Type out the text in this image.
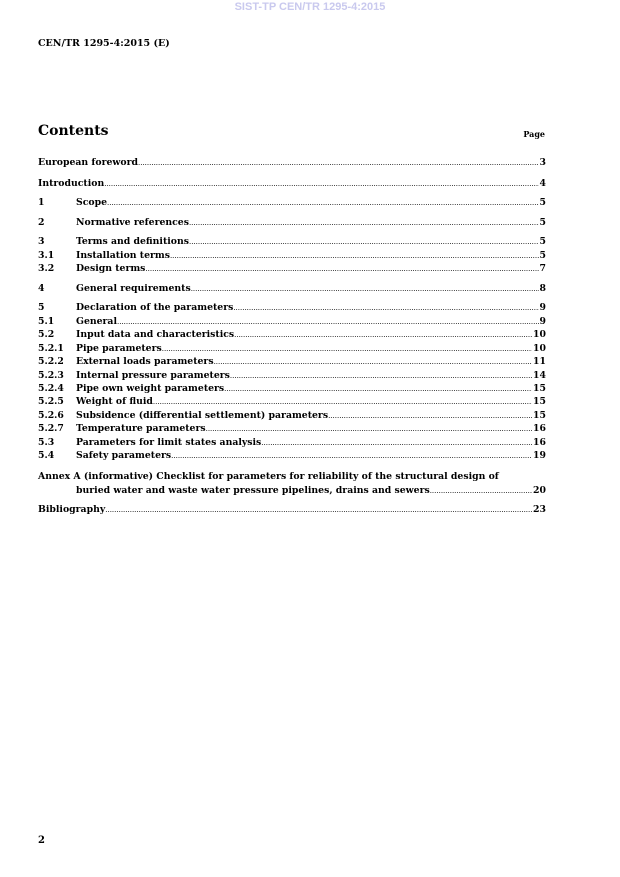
SIST-TP CEN/TR 1295-4:2015
CEN/TR 1295-4:2015 (E)
Contents	Page
European foreword .....	3
Introduction .....	4
1	Scope .....	5
2	Normative references .....	5
3	Terms and definitions .....	5
3.1	Installation terms .....	5
3.2	Design terms .....	7
4	General requirements .....	8
5	Declaration of the parameters .....	9
5.1	General .....	9
5.2	Input data and characteristics .....	10
5.2.1	Pipe parameters .....	10
5.2.2	External loads parameters .....	11
5.2.3	Internal pressure parameters .....	14
5.2.4	Pipe own weight parameters .....	15
5.2.5	Weight of fluid .....	15
5.2.6	Subsidence (differential settlement) parameters .....	15
5.2.7	Temperature parameters .....	16
5.3	Parameters for limit states analysis .....	16
5.4	Safety parameters .....	19
Annex A (informative) Checklist for parameters for reliability of the structural design of
buried water and waste water pressure pipelines, drains and sewers .....	20
Bibliography .....	23
2
